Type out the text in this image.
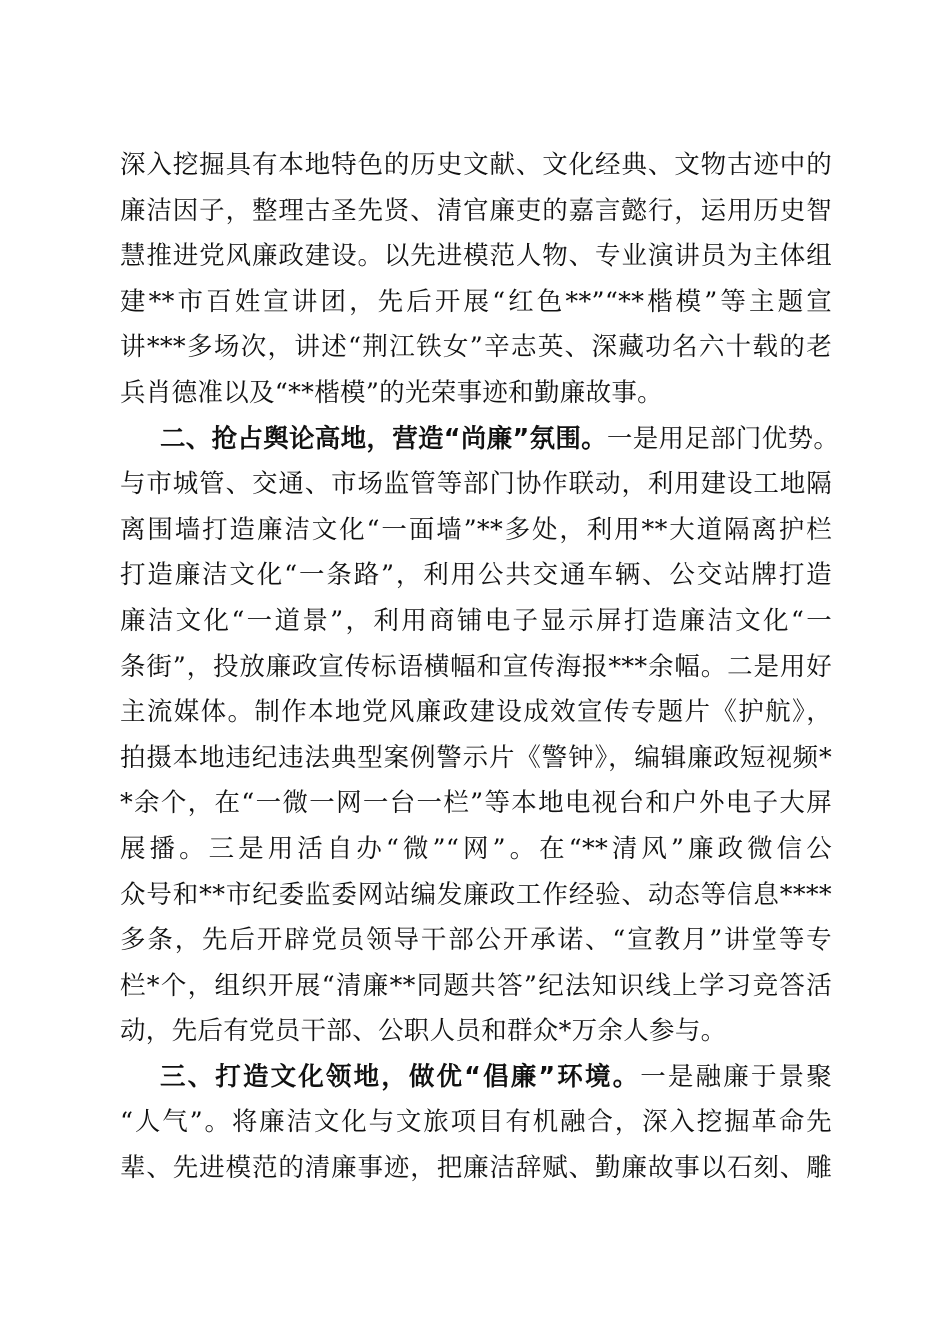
深入挖掘具有本地特色的历史文献、文化经典、文物古迹中的
廉洁因子，整理古圣先贤、清官廉吏的嘉言懿行，运用历史智
慧推进党风廉政建设。以先进模范人物、专业演讲员为主体组
建**市百姓宣讲团，先后开展“红色**”“**楷模”等主题宣
讲***多场次，讲述“荆江铁女”辛志英、深藏功名六十载的老
兵肖德准以及“**楷模”的光荣事迹和勤廉故事。
二、抢占舆论高地，营造“尚廉”氛围。一是用足部门优势。
与市城管、交通、市场监管等部门协作联动，利用建设工地隔
离围墙打造廉洁文化“一面墙”**多处，利用**大道隔离护栏
打造廉洁文化“一条路”，利用公共交通车辆、公交站牌打造
廉洁文化“一道景”，利用商铺电子显示屏打造廉洁文化“一
条街”，投放廉政宣传标语横幅和宣传海报***余幅。二是用好
主流媒体。制作本地党风廉政建设成效宣传专题片《护航》，
拍摄本地违纪违法典型案例警示片《警钟》，编辑廉政短视频*
*余个，在“一微一网一台一栏”等本地电视台和户外电子大屏
展播。三是用活自办“微”“网”。在“**清风”廉政微信公
众号和**市纪委监委网站编发廉政工作经验、动态等信息****
多条，先后开辟党员领导干部公开承诺、“宣教月”讲堂等专
栏*个，组织开展“清廉**同题共答”纪法知识线上学习竞答活
动，先后有党员干部、公职人员和群众*万余人参与。
三、打造文化领地，做优“倡廉”环境。一是融廉于景聚
“人气”。将廉洁文化与文旅项目有机融合，深入挖掘革命先
辈、先进模范的清廉事迹，把廉洁辞赋、勤廉故事以石刻、雕
